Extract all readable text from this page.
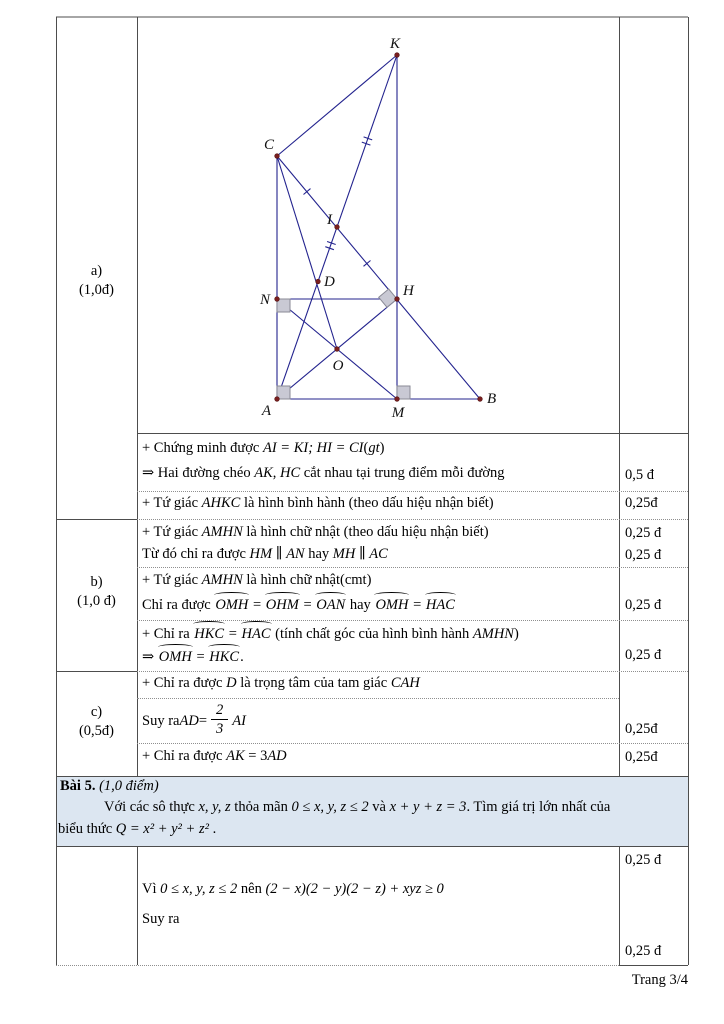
K
C
I
D
N
H
O
A	M
B
a)
(1,0đ)
b)
(1,0 đ)
c)
(0,5đ)
+ Chứng minh được AI = KI; HI = CI(gt)
⇒ Hai đường chéo AK, HC cắt nhau tại trung điểm mỗi đường
+ Tứ giác AHKC là hình bình hành (theo dấu hiệu nhận biết)
+ Tứ giác AMHN là hình chữ nhật (theo dấu hiệu nhận biết)
Từ đó chỉ ra được HM ∥ AN hay MH ∥ AC
+ Tứ giác AMHN là hình chữ nhật(cmt)
Chỉ ra được OMH = OHM = OAN hay OMH = HAC
+ Chỉ ra HKC = HAC (tính chất góc của hình bình hành AMHN)
⇒ OMH = HKC.
+ Chỉ ra được D là trọng tâm của tam giác CAH
Suy ra AD = $\frac{2}{3}$ AI
+ Chỉ ra được AK = 3AD
0,5 đ
0,25đ
0,25 đ
0,25 đ
0,25 đ
0,25 đ
0,25đ
0,25đ
0,25 đ
0,25 đ
Bài 5. (1,0 điểm)
Với các sô thực x, y, z thỏa mãn 0 ≤ x, y, z ≤ 2 và x + y + z = 3. Tìm giá trị lớn nhất của
biểu thức Q = x² + y² + z² .
Vì 0 ≤ x, y, z ≤ 2 nên (2 − x)(2 − y)(2 − z) + xyz ≥ 0
Suy ra
Trang 3/4
